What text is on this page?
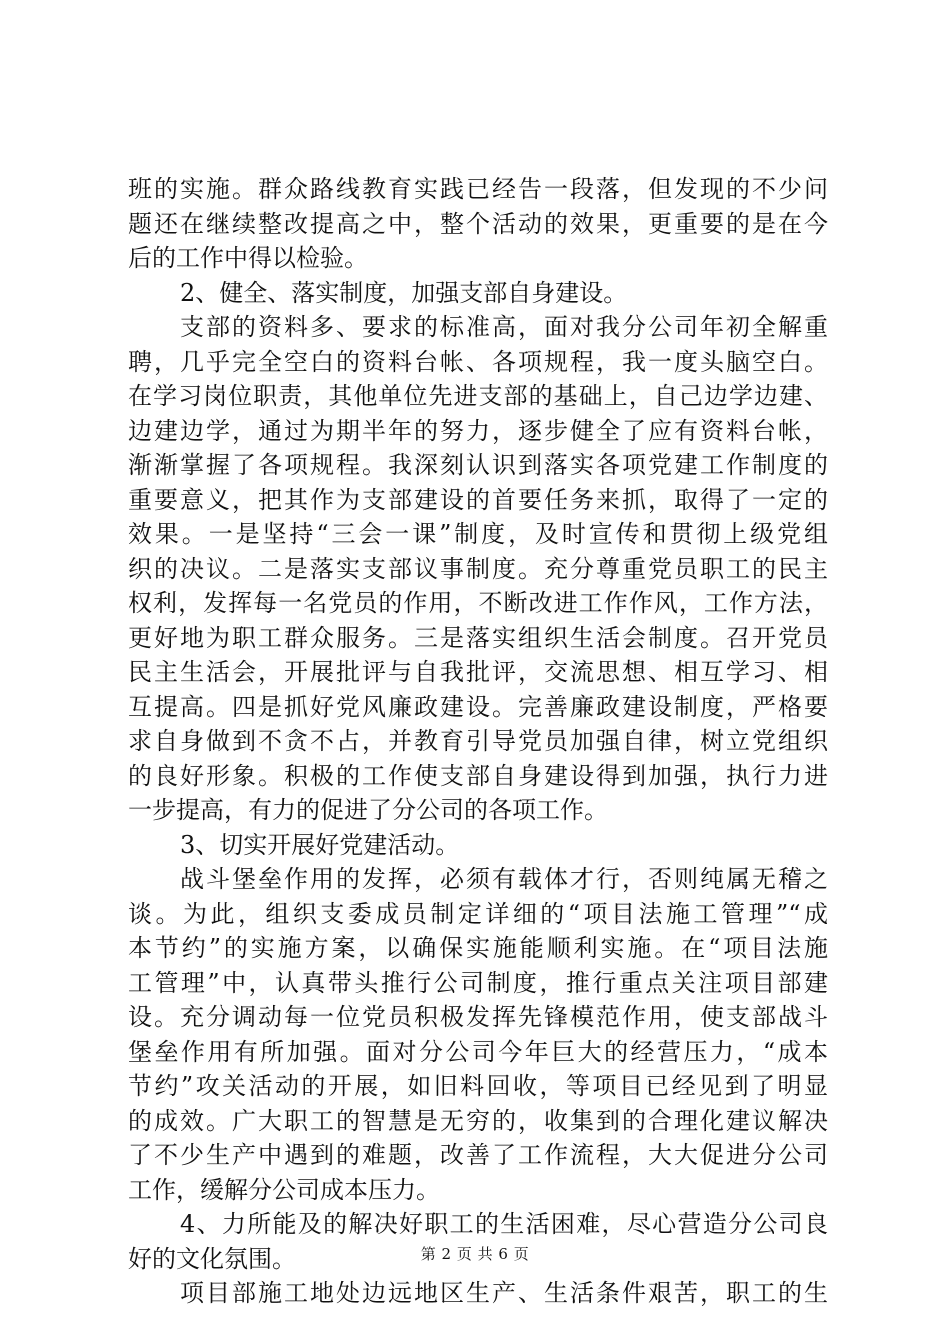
班的实施。群众路线教育实践已经告一段落，但发现的不少问
题还在继续整改提高之中，整个活动的效果，更重要的是在今
后的工作中得以检验。
2、健全、落实制度，加强支部自身建设。
支部的资料多、要求的标准高，面对我分公司年初全解重
聘，几乎完全空白的资料台帐、各项规程，我一度头脑空白。
在学习岗位职责，其他单位先进支部的基础上，自己边学边建、
边建边学，通过为期半年的努力，逐步健全了应有资料台帐，
渐渐掌握了各项规程。我深刻认识到落实各项党建工作制度的
重要意义，把其作为支部建设的首要任务来抓，取得了一定的
效果。一是坚持“三会一课”制度，及时宣传和贯彻上级党组
织的决议。二是落实支部议事制度。充分尊重党员职工的民主
权利，发挥每一名党员的作用，不断改进工作作风，工作方法，
更好地为职工群众服务。三是落实组织生活会制度。召开党员
民主生活会，开展批评与自我批评，交流思想、相互学习、相
互提高。四是抓好党风廉政建设。完善廉政建设制度，严格要
求自身做到不贪不占，并教育引导党员加强自律，树立党组织
的良好形象。积极的工作使支部自身建设得到加强，执行力进
一步提高，有力的促进了分公司的各项工作。
3、切实开展好党建活动。
战斗堡垒作用的发挥，必须有载体才行，否则纯属无稽之
谈。为此，组织支委成员制定详细的“项目法施工管理”“成
本节约”的实施方案，以确保实施能顺利实施。在“项目法施
工管理”中，认真带头推行公司制度，推行重点关注项目部建
设。充分调动每一位党员积极发挥先锋模范作用，使支部战斗
堡垒作用有所加强。面对分公司今年巨大的经营压力，“成本
节约”攻关活动的开展，如旧料回收，等项目已经见到了明显
的成效。广大职工的智慧是无穷的，收集到的合理化建议解决
了不少生产中遇到的难题，改善了工作流程，大大促进分公司
工作，缓解分公司成本压力。
4、力所能及的解决好职工的生活困难，尽心营造分公司良
好的文化氛围。
项目部施工地处边远地区生产、生活条件艰苦，职工的生
第 2 页 共 6 页
